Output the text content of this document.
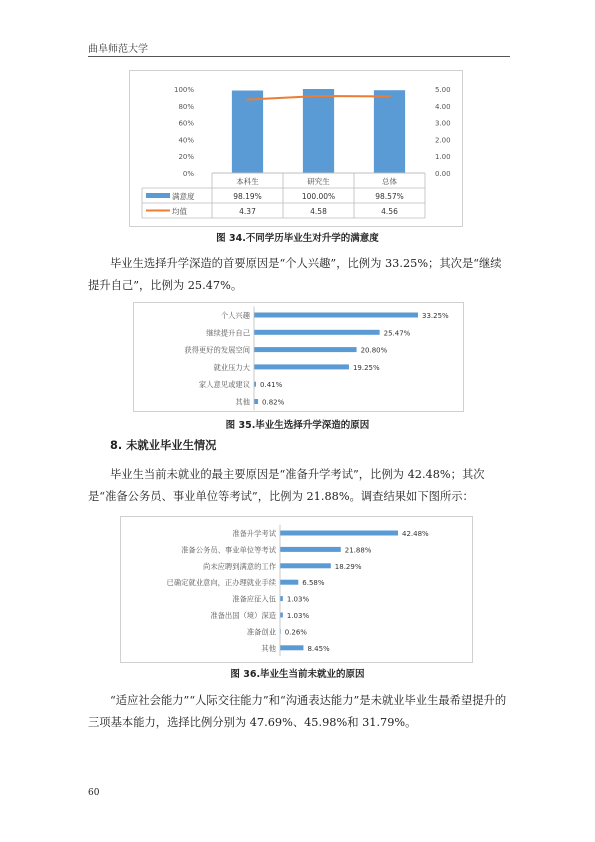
曲阜师范大学
0%
20%
40%
60%
80%
100%
0.00
1.00
2.00
3.00
4.00
5.00
本科生	研究生	总体
满意度
均值
98.19%	100.00%	98.57%
4.37	4.58	4.56
图 34.不同学历毕业生对升学的满意度

毕业生选择升学深造的首要原因是“个人兴趣”，比例为 33.25%；其次是“继续提升自己”，比例为 25.47%。

个人兴趣	33.25%
继续提升自己	25.47%
获得更好的发展空间	20.80%
就业压力大	19.25%
家人意见或建议 0.41%
其他 0.82%
图 35.毕业生选择升学深造的原因
8. 未就业毕业生情况

毕业生当前未就业的最主要原因是“准备升学考试”，比例为 42.48%；其次是“准备公务员、事业单位等考试”，比例为 21.88%。调查结果如下图所示：

准备升学考试	42.48%
准备公务员、事业单位等考试	21.88%
尚未应聘到满意的工作	18.29%
已确定就业意向，正办理就业手续	6.58%
准备应征入伍 1.03%
准备出国（境）深造 1.03%
准备创业 0.26%
其他	8.45%
图 36.毕业生当前未就业的原因

“适应社会能力”“人际交往能力”和“沟通表达能力”是未就业毕业生最希望提升的三项基本能力，选择比例分别为 47.69%、45.98%和 31.79%。

60
